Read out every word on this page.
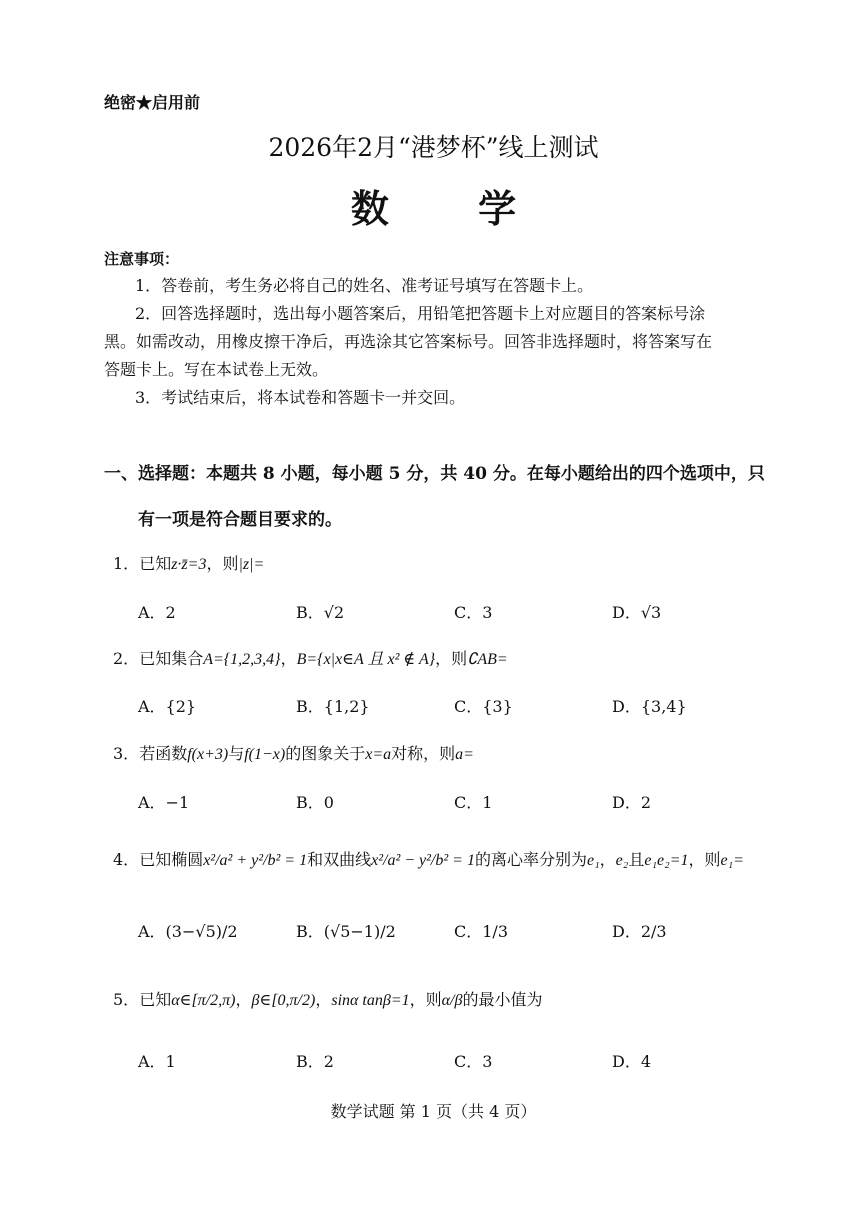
绝密★启用前
2026年2月“港梦杯”线上测试
数 学
注意事项：
1．答卷前，考生务必将自己的姓名、准考证号填写在答题卡上。
2．回答选择题时，选出每小题答案后，用铅笔把答题卡上对应题目的答案标号涂
黑。如需改动，用橡皮擦干净后，再选涂其它答案标号。回答非选择题时，将答案写在
答题卡上。写在本试卷上无效。
3．考试结束后，将本试卷和答题卡一并交回。
一、选择题：本题共 8 小题，每小题 5 分，共 40 分。在每小题给出的四个选项中，只
有一项是符合题目要求的。
1．已知z·z̄=3，则|z|=
A．2	B．√2	C．3	D．√3
2．已知集合A={1,2,3,4}，B={x|x∈A 且 x² ∉ A}，则∁AB=
A．{2}	B．{1,2}	C．{3}	D．{3,4}
3．若函数f(x+3)与f(1−x)的图象关于x=a对称，则a=
A．−1	B．0	C．1	D．2
4．已知椭圆x²/a² + y²/b² = 1和双曲线x²/a² − y²/b² = 1的离心率分别为e₁，e₂且e₁e₂=1，则e₁=
A．(3−√5)/2	B．(√5−1)/2	C．1/3	D．2/3
5．已知α∈[π/2,π)，β∈[0,π/2)，sinα tanβ=1，则α/β的最小值为
A．1	B．2	C．3	D．4
数学试题 第 1 页（共 4 页）
